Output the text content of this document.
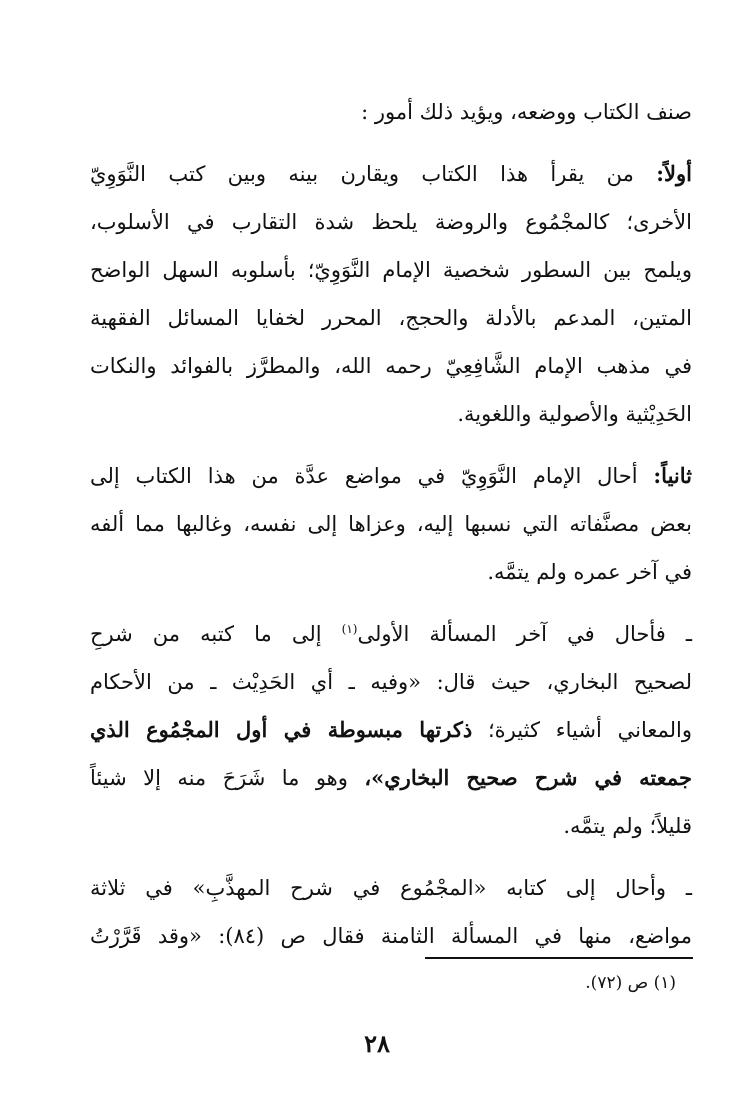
صنف الكتاب ووضعه، ويؤيد ذلك أمور :
أولاً: من يقرأ هذا الكتاب ويقارن بينه وبين كتب النَّوَوِيّ
الأخرى؛ كالمجْمُوع والروضة يلحظ شدة التقارب في الأسلوب،
ويلمح بين السطور شخصية الإمام النَّوَوِيّ؛ بأسلوبه السهل الواضح
المتين، المدعم بالأدلة والحجج، المحرر لخفايا المسائل الفقهية
في مذهب الإمام الشَّافِعِيّ رحمه الله، والمطرَّز بالفوائد والنكات
الحَدِيْثية والأصولية واللغوية.
ثانياً: أحال الإمام النَّوَوِيّ في مواضع عدَّة من هذا الكتاب إلى
بعض مصنَّفاته التي نسبها إليه، وعزاها إلى نفسه، وغالبها مما ألفه
في آخر عمره ولم يتمَّه.
ـ فأحال في آخر المسألة الأولى$^{(١)}$ إلى ما كتبه من شرحِ
لصحيح البخاري، حيث قال: «وفيه ـ أي الحَدِيْث ـ من الأحكام
والمعاني أشياء كثيرة؛ ذكرتها مبسوطة في أول المجْمُوع الذي
جمعته في شرح صحيح البخاري»، وهو ما شَرَحَ منه إلا شيئاً
قليلاً؛ ولم يتمَّه.
ـ وأحال إلى كتابه «المجْمُوع في شرح المهذَّبِ» في ثلاثة
مواضع، منها في المسألة الثامنة فقال ص (٨٤): «وقد قَرَّرْتُ
(١) ص (٧٢).
٢٨
